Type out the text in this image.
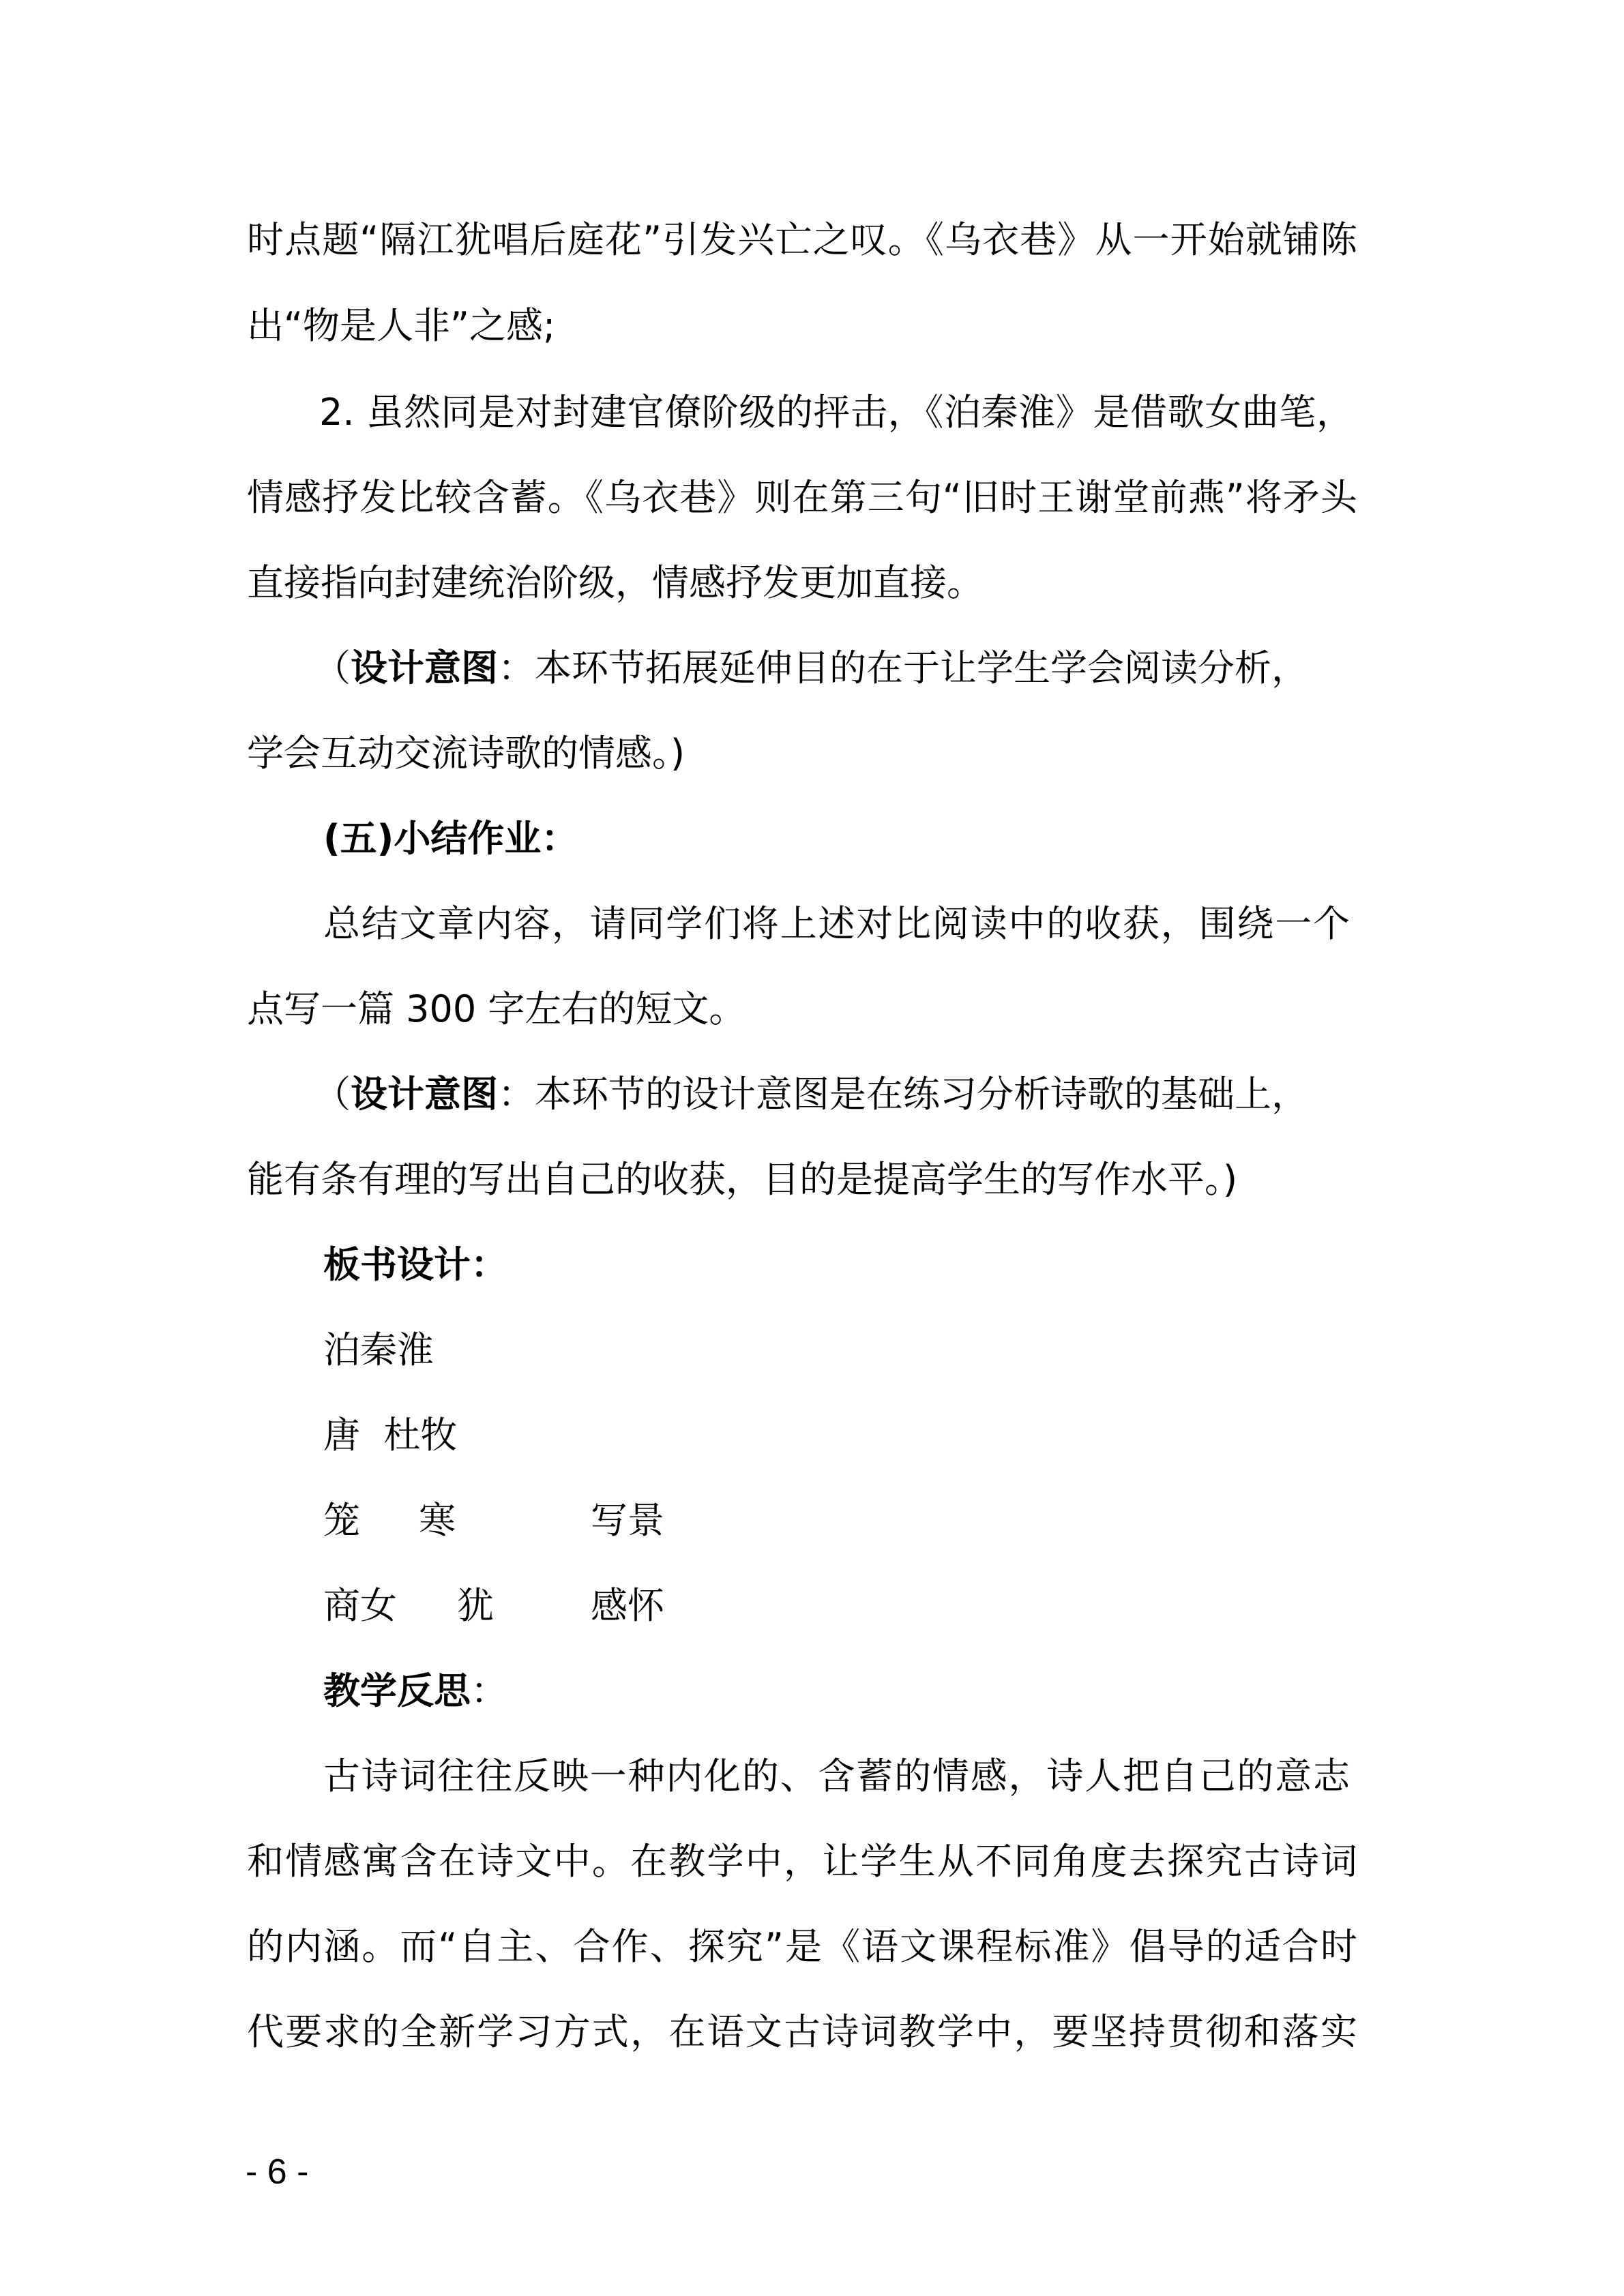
时点题“隔江犹唱后庭花”引发兴亡之叹。《乌衣巷》从一开始就铺陈
出“物是人非”之感;
2. 虽然同是对封建官僚阶级的抨击，《泊秦淮》是借歌女曲笔，
情感抒发比较含蓄。《乌衣巷》则在第三句“旧时王谢堂前燕”将矛头
直接指向封建统治阶级，情感抒发更加直接。
（设计意图：本环节拓展延伸目的在于让学生学会阅读分析，
学会互动交流诗歌的情感。)
(五)小结作业：
总结文章内容，请同学们将上述对比阅读中的收获，围绕一个
点写一篇 300 字左右的短文。
（设计意图：本环节的设计意图是在练习分析诗歌的基础上，
能有条有理的写出自己的收获，目的是提高学生的写作水平。)
板书设计：
泊秦淮
唐  杜牧
笼 寒	写景
商女 犹	感怀
教学反思：
古诗词往往反映一种内化的、含蓄的情感，诗人把自己的意志
和情感寓含在诗文中。在教学中，让学生从不同角度去探究古诗词
的内涵。而“自主、合作、探究”是《语文课程标准》倡导的适合时
代要求的全新学习方式，在语文古诗词教学中，要坚持贯彻和落实
- 6 -
